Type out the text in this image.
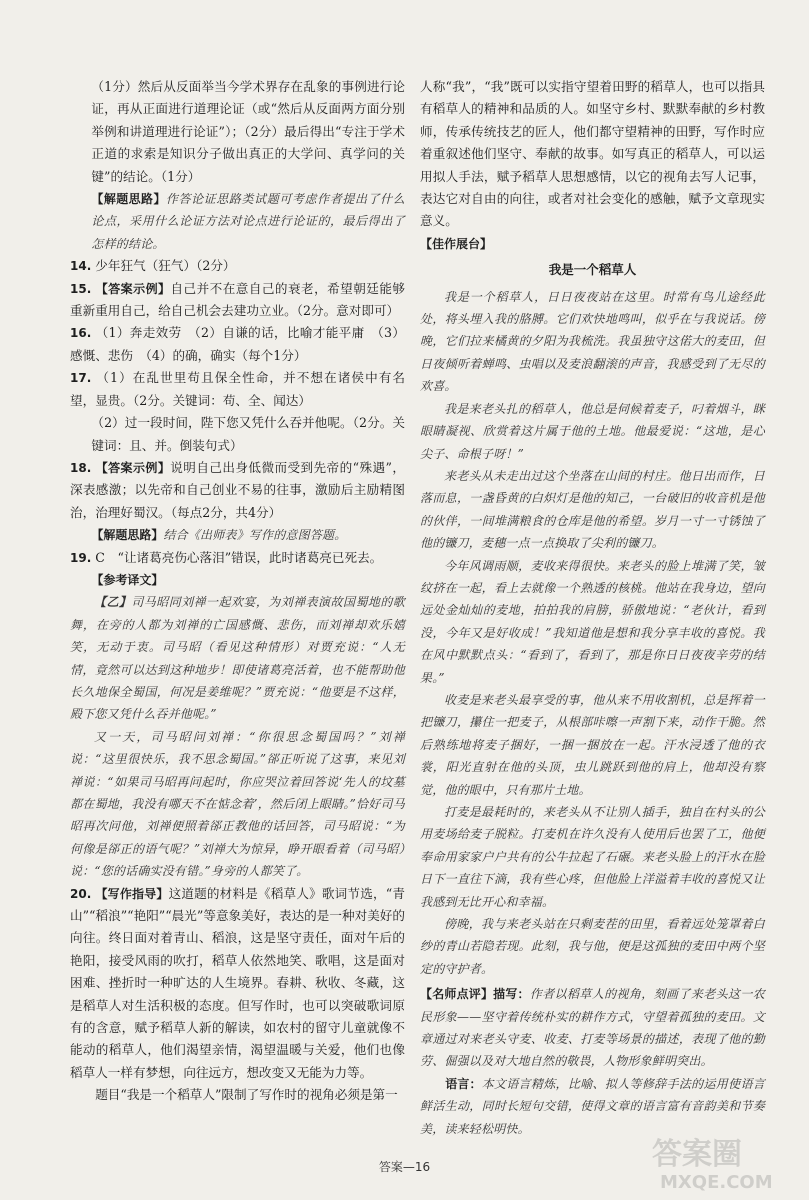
（1分）然后从反面举当今学术界存在乱象的事例进行论证，再从正面进行道理论证（或“然后从反面两方面分别举例和讲道理进行论证”）；（2分）最后得出“专注于学术正道的求索是知识分子做出真正的大学问、真学问的关键”的结论。（1分）

【解题思路】作答论证思路类试题可考虑作者提出了什么论点，采用什么论证方法对论点进行论证的，最后得出了怎样的结论。

14. 少年狂气（狂气）（2分）

15. 【答案示例】自己并不在意自己的衰老，希望朝廷能够重新重用自己，给自己机会去建功立业。（2分。意对即可）

16. （1）奔走效劳　（2）自谦的话，比喻才能平庸　（3）感慨、悲伤　（4）的确，确实（每个1分）

17. （1）在乱世里苟且保全性命，并不想在诸侯中有名望，显贵。（2分。关键词：苟、全、闻达）

（2）过一段时间，陛下您又凭什么吞并他呢。（2分。关键词：且、并。倒装句式）

18. 【答案示例】说明自己出身低微而受到先帝的“殊遇”，深表感激；以先帝和自己创业不易的往事，激励后主励精图治，治理好蜀汉。（每点2分，共4分）

【解题思路】结合《出师表》写作的意图答题。

19. C　“让诸葛亮伤心落泪”错误，此时诸葛亮已死去。

【参考译文】

【乙】司马昭同刘禅一起欢宴，为刘禅表演故国蜀地的歌舞，在旁的人都为刘禅的亡国感慨、悲伤，而刘禅却欢乐嬉笑，无动于衷。司马昭（看见这种情形）对贾充说：“人无情，竟然可以达到这种地步！即使诸葛亮活着，也不能帮助他长久地保全蜀国，何况是姜维呢？”贾充说：“他要是不这样，殿下您又凭什么吞并他呢。”

又一天，司马昭问刘禅：“你很思念蜀国吗？”刘禅说：“这里很快乐，我不思念蜀国。”郤正听说了这事，来见刘禅说：“如果司马昭再问起时，你应哭泣着回答说‘先人的坟墓都在蜀地，我没有哪天不在惦念着’，然后闭上眼睛。”恰好司马昭再次问他，刘禅便照着郤正教他的话回答，司马昭说：“为何像是郤正的语气呢？”刘禅大为惊异，睁开眼看着（司马昭）说：“您的话确实没有错。”身旁的人都笑了。

20. 【写作指导】这道题的材料是《稻草人》歌词节选，“青山”“稻浪”“艳阳”“晨光”等意象美好，表达的是一种对美好的向往。终日面对着青山、稻浪，这是坚守责任，面对午后的艳阳，接受风雨的吹打，稻草人依然地笑、歌唱，这是面对困难、挫折时一种旷达的人生境界。春耕、秋收、冬藏，这是稻草人对生活积极的态度。但写作时，也可以突破歌词原有的含意，赋予稻草人新的解读，如农村的留守儿童就像不能动的稻草人，他们渴望亲情，渴望温暖与关爱，他们也像稻草人一样有梦想，向往远方，想改变又无能为力等。

题目“我是一个稻草人”限制了写作时的视角必须是第一

人称“我”，“我”既可以实指守望着田野的稻草人，也可以指具有稻草人的精神和品质的人。如坚守乡村、默默奉献的乡村教师，传承传统技艺的匠人，他们都守望精神的田野，写作时应着重叙述他们坚守、奉献的故事。如写真正的稻草人，可以运用拟人手法，赋予稻草人思想感情，以它的视角去写人记事，表达它对自由的向往，或者对社会变化的感触，赋予文章现实意义。

【佳作展台】

我是一个稻草人

我是一个稻草人，日日夜夜站在这里。时常有鸟儿途经此处，将头埋入我的胳膊。它们欢快地鸣叫，似乎在与我说话。傍晚，它们拉来橘黄的夕阳为我梳洗。我虽独守这偌大的麦田，但日夜倾听着蝉鸣、虫唱以及麦浪翻滚的声音，我感受到了无尽的欢喜。

我是来老头扎的稻草人，他总是伺候着麦子，叼着烟斗，眯眼睛凝视、欣赏着这片属于他的土地。他最爱说：“这地，是心尖子、命根子呀！”

来老头从未走出过这个坐落在山间的村庄。他日出而作，日落而息，一盏昏黄的白炽灯是他的知己，一台破旧的收音机是他的伙伴，一间堆满粮食的仓库是他的希望。岁月一寸一寸锈蚀了他的镰刀，麦穗一点一点换取了尖利的镰刀。

今年风调雨顺，麦收来得很快。来老头的脸上堆满了笑，皱纹挤在一起，看上去就像一个熟透的核桃。他站在我身边，望向远处金灿灿的麦地，拍拍我的肩膀，骄傲地说：“老伙计，看到没，今年又是好收成！”我知道他是想和我分享丰收的喜悦。我在风中默默点头：“看到了，看到了，那是你日日夜夜辛劳的结果。”

收麦是来老头最享受的事，他从来不用收割机，总是挥着一把镰刀，攥住一把麦子，从根部咔嚓一声割下来，动作干脆。然后熟练地将麦子捆好，一捆一捆放在一起。汗水浸透了他的衣裳，阳光直射在他的头顶，虫儿跳跃到他的肩上，他却没有察觉，他的眼中，只有那片土地。

打麦是最耗时的，来老头从不让别人插手，独自在村头的公用麦场给麦子脱粒。打麦机在许久没有人使用后也罢了工，他便奉命用家家户户共有的公牛拉起了石碾。来老头脸上的汗水在脸日下一直往下滴，我有些心疼，但他脸上洋溢着丰收的喜悦又让我感到无比开心和幸福。

傍晚，我与来老头站在只剩麦茬的田里，看着远处笼罩着白纱的青山若隐若现。此刻，我与他，便是这孤独的麦田中两个坚定的守护者。

【名师点评】描写：作者以稻草人的视角，刻画了来老头这一农民形象——坚守着传统朴实的耕作方式，守望着孤独的麦田。文章通过对来老头守麦、收麦、打麦等场景的描述，表现了他的勤劳、倔强以及对大地自然的敬畏，人物形象鲜明突出。

语言：本文语言精炼，比喻、拟人等修辞手法的运用使语言鲜活生动，同时长短句交错，使得文章的语言富有音韵美和节奏美，读来轻松明快。

答案—16	答案圈
MXQE.COM
